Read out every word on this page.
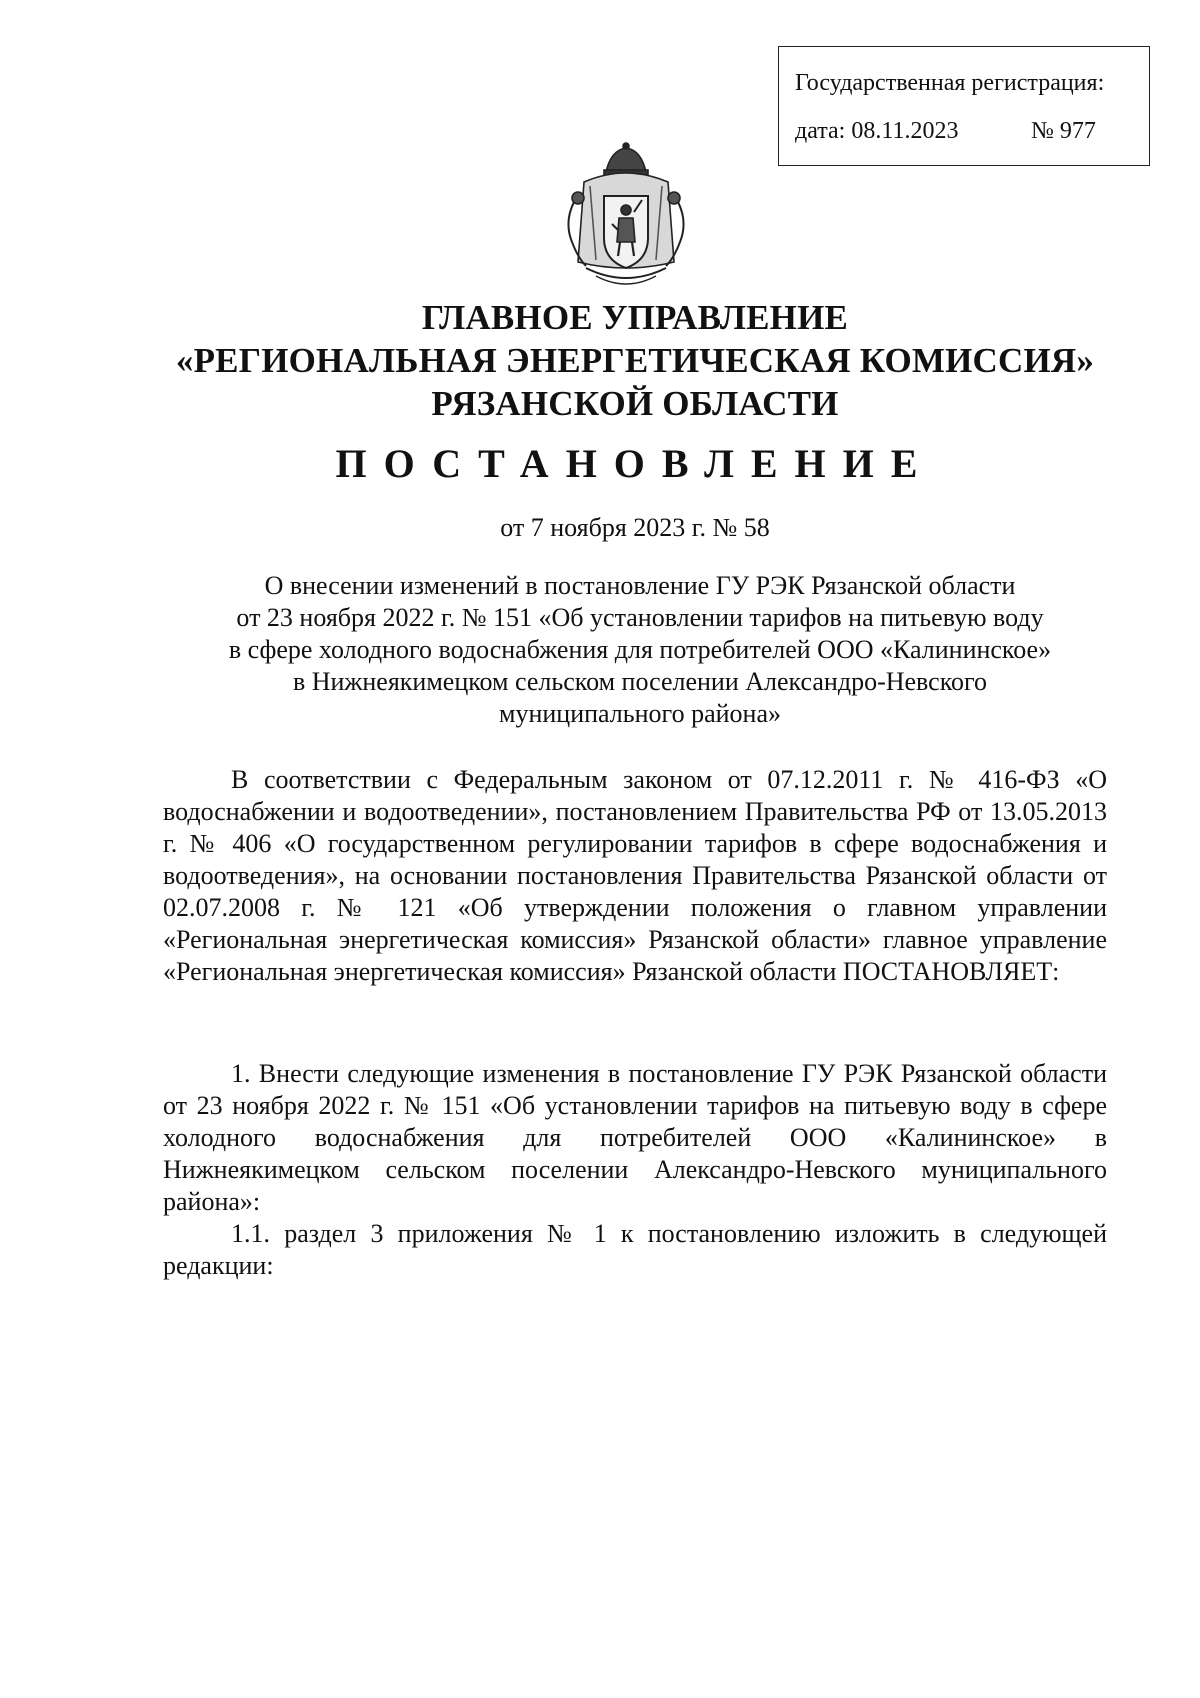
Государственная регистрация:
дата: 08.11.2023	№ 977
ГЛАВНОЕ УПРАВЛЕНИЕ
«РЕГИОНАЛЬНАЯ ЭНЕРГЕТИЧЕСКАЯ КОМИССИЯ»
РЯЗАНСКОЙ ОБЛАСТИ
ПОСТАНОВЛЕНИЕ
от 7 ноября 2023 г. № 58
О внесении изменений в постановление ГУ РЭК Рязанской области
от 23 ноября 2022 г. № 151 «Об установлении тарифов на питьевую воду
в сфере холодного водоснабжения для потребителей ООО «Калининское»
в Нижнеякимецком сельском поселении Александро-Невского
муниципального района»
В соответствии с Федеральным законом от 07.12.2011 г. № 416-ФЗ «О водоснабжении и водоотведении», постановлением Правительства РФ от 13.05.2013 г. № 406 «О государственном регулировании тарифов в сфере водоснабжения и водоотведения», на основании постановления Правительства Рязанской области от 02.07.2008 г. № 121 «Об утверждении положения о главном управлении «Региональная энергетическая комиссия» Рязанской области» главное управление «Региональная энергетическая комиссия» Рязанской области ПОСТАНОВЛЯЕТ:
1. Внести следующие изменения в постановление ГУ РЭК Рязанской области от 23 ноября 2022 г. № 151 «Об установлении тарифов на питьевую воду в сфере холодного водоснабжения для потребителей ООО «Калининское» в Нижнеякимецком сельском поселении Александро-Невского муниципального района»:
1.1. раздел 3 приложения № 1 к постановлению изложить в следующей редакции:
